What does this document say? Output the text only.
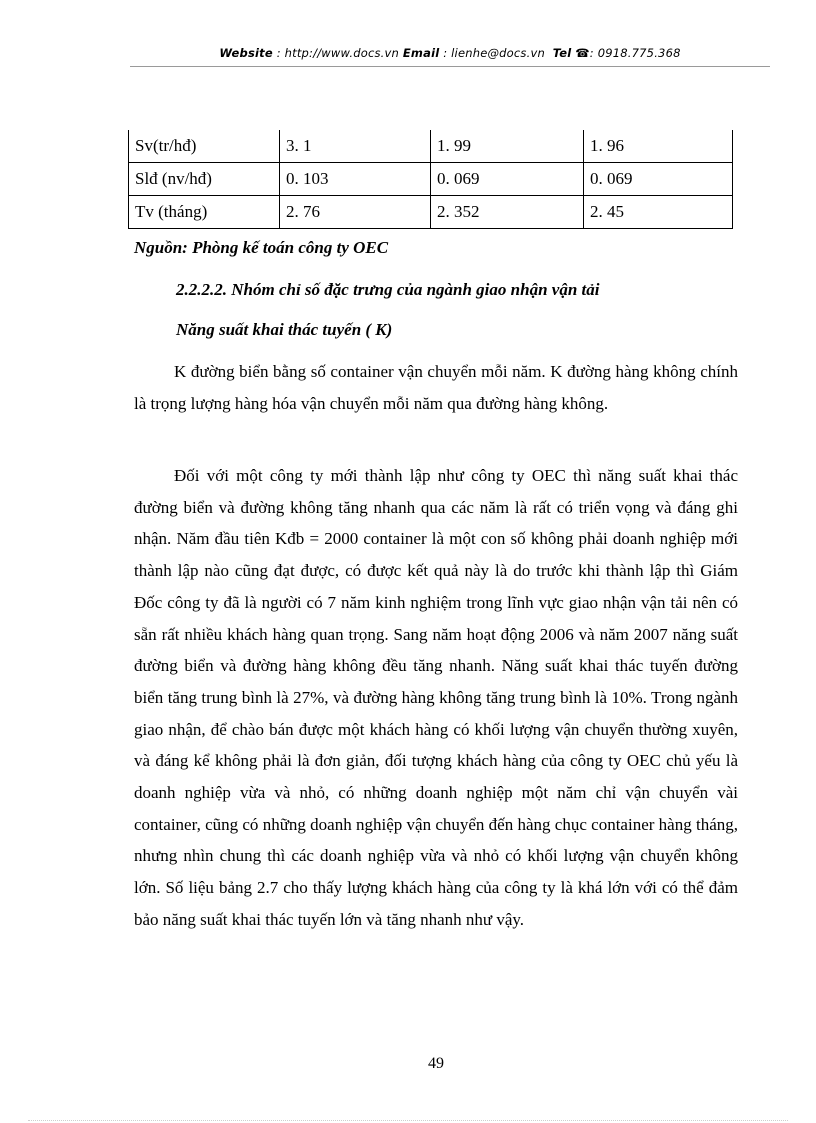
Website : http://www.docs.vn Email : lienhe@docs.vn Tel ☎: 0918.775.368
Sv(tr/hđ)	3. 1	1. 99	1. 96
Slđ (nv/hđ)	0. 103	0. 069	0. 069
Tv (tháng)	2. 76	2. 352	2. 45
Nguồn: Phòng kế toán công ty OEC
2.2.2.2. Nhóm chỉ số đặc trưng của ngành giao nhận vận tải
Năng suất khai thác tuyến ( K)

K đường biển bằng số container vận chuyển mỗi năm. K đường hàng không chính là trọng lượng hàng hóa vận chuyển mỗi năm qua đường hàng không.

Đối với một công ty mới thành lập như công ty OEC thì năng suất khai thác đường biển và đường không tăng nhanh qua các năm là rất có triển vọng và đáng ghi nhận. Năm đầu tiên Kđb = 2000 container là một con số không phải doanh nghiệp mới thành lập nào cũng đạt được, có được kết quả này là do trước khi thành lập thì Giám Đốc công ty đã là người có 7 năm kinh nghiệm trong lĩnh vực giao nhận vận tải nên có sẵn rất nhiều khách hàng quan trọng. Sang năm hoạt động 2006 và năm 2007 năng suất đường biển và đường hàng không đều tăng nhanh. Năng suất khai thác tuyến đường biển tăng trung bình là 27%, và đường hàng không tăng trung bình là 10%. Trong ngành giao nhận, để chào bán được một khách hàng có khối lượng vận chuyển thường xuyên, và đáng kể không phải là đơn giản, đối tượng khách hàng của công ty OEC chủ yếu là doanh nghiệp vừa và nhỏ, có những doanh nghiệp một năm chỉ vận chuyển vài container, cũng có những doanh nghiệp vận chuyển đến hàng chục container hàng tháng, nhưng nhìn chung thì các doanh nghiệp vừa và nhỏ có khối lượng vận chuyển không lớn. Số liệu bảng 2.7 cho thấy lượng khách hàng của công ty là khá lớn với có thể đảm bảo năng suất khai thác tuyến lớn và tăng nhanh như vậy.

49
